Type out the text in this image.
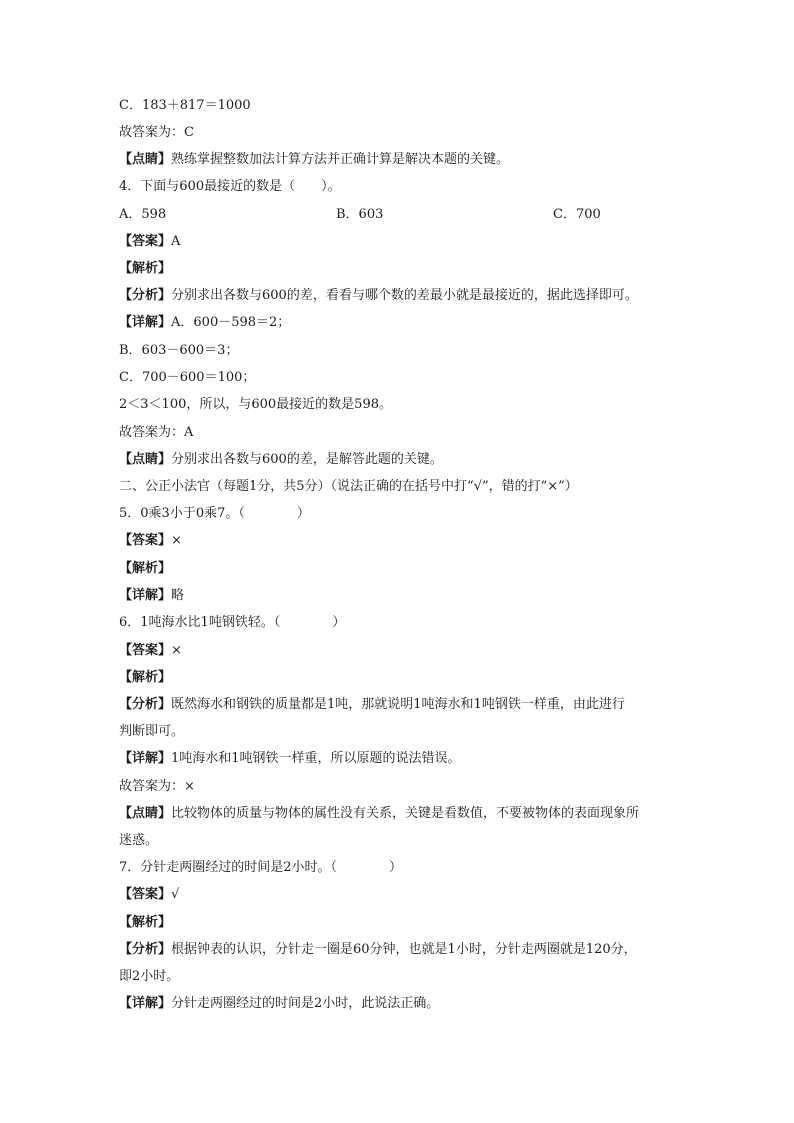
C．183＋817＝1000
故答案为：C
【点睛】熟练掌握整数加法计算方法并正确计算是解决本题的关键。
4．下面与600最接近的数是（　　）。
A．598	B．603	C．700
【答案】A
【解析】
【分析】分别求出各数与600的差，看看与哪个数的差最小就是最接近的，据此选择即可。
【详解】A．600－598＝2；
B．603－600＝3；
C．700－600＝100；
2＜3＜100，所以，与600最接近的数是598。
故答案为：A
【点睛】分别求出各数与600的差，是解答此题的关键。
二、公正小法官（每题1分，共5分）（说法正确的在括号中打“√”，错的打“×”）
5．0乘3小于0乘7。（　　　　）
【答案】×
【解析】
【详解】略
6．1吨海水比1吨钢铁轻。（　　　　）
【答案】×
【解析】
【分析】既然海水和钢铁的质量都是1吨，那就说明1吨海水和1吨钢铁一样重，由此进行
判断即可。
【详解】1吨海水和1吨钢铁一样重，所以原题的说法错误。
故答案为：×
【点睛】比较物体的质量与物体的属性没有关系，关键是看数值，不要被物体的表面现象所
迷惑。
7．分针走两圈经过的时间是2小时。（　　　　）
【答案】√
【解析】
【分析】根据钟表的认识，分针走一圈是60分钟，也就是1小时，分针走两圈就是120分，
即2小时。
【详解】分针走两圈经过的时间是2小时，此说法正确。
